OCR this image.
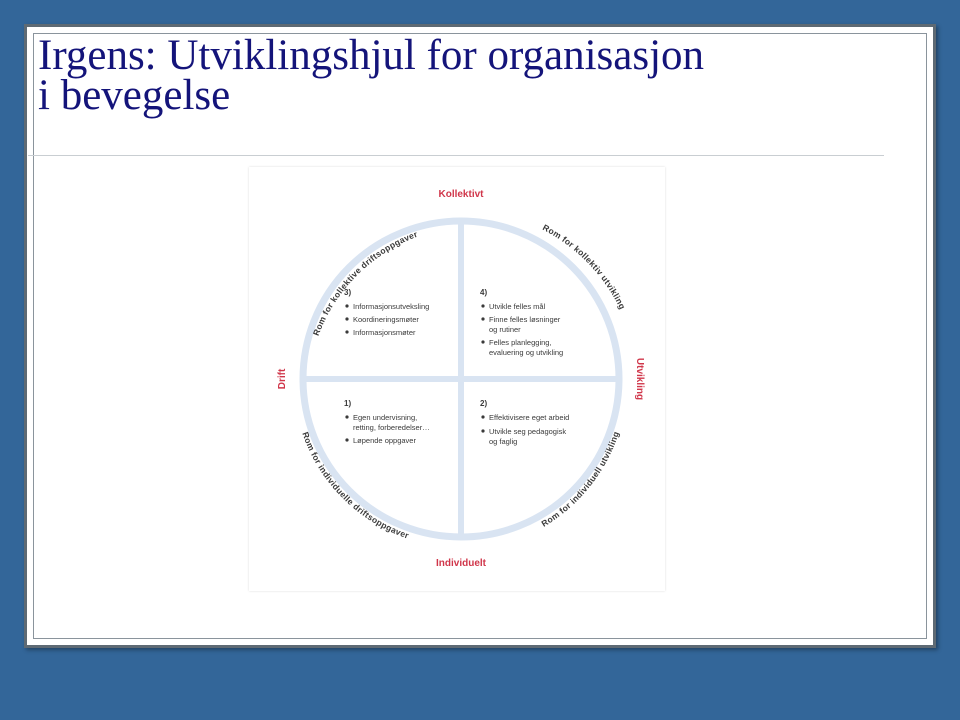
Irgens: Utviklingshjul for organisasjon
i bevegelse
Kollektivt
Individuelt
Drift	Utvikling
Rom for kollektive driftsoppgaver
Rom for kollektiv utvikling
Rom for individuelle driftsoppgaver
Rom for individuell utvikling
3)
Informasjonsutveksling
Koordineringsmøter
Informasjonsmøter
4)
Utvikle felles mål
Finne felles løsninger
og rutiner
Felles planlegging,
evaluering og utvikling
1)
Egen undervisning,
retting, forberedelser…
Løpende oppgaver
2)
Effektivisere eget arbeid
Utvikle seg pedagogisk
og faglig
